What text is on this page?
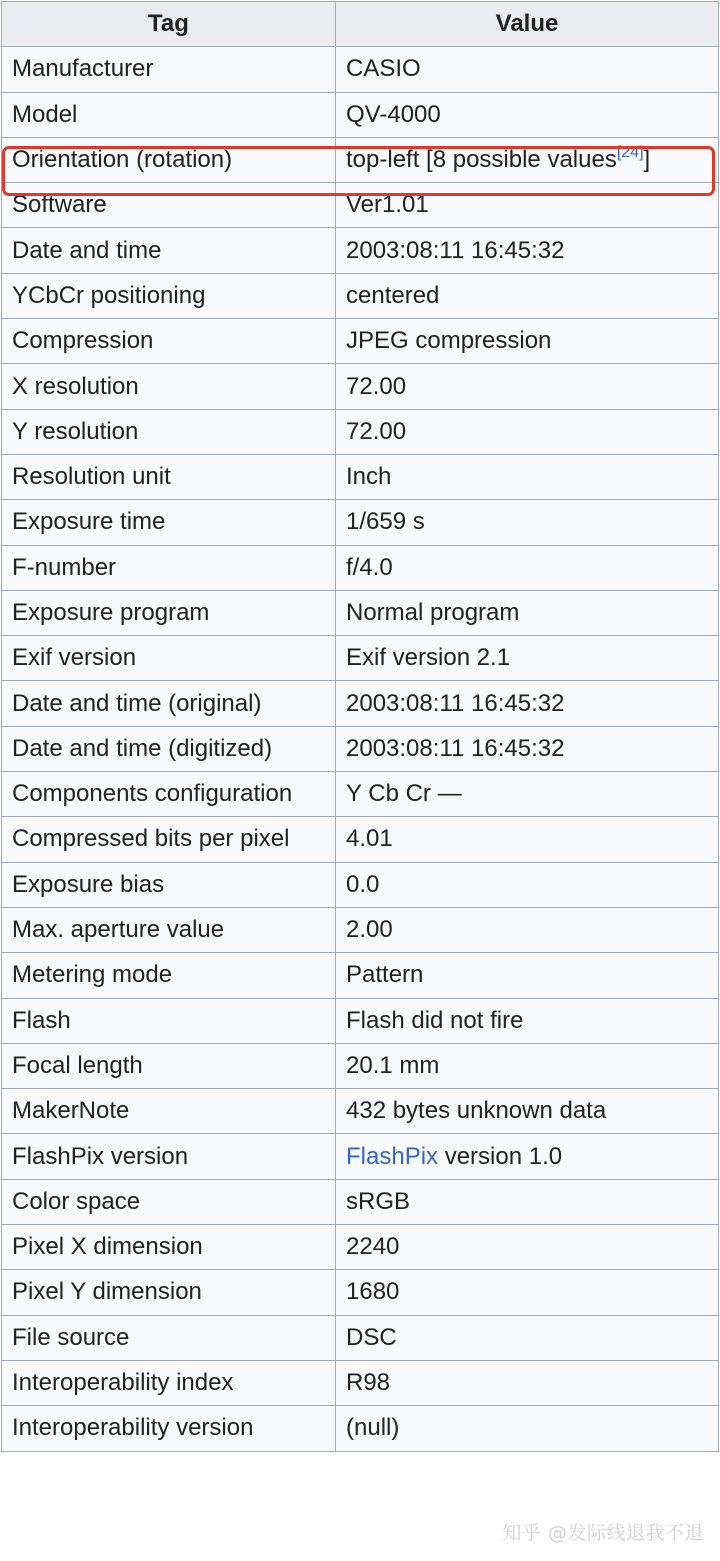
Tag	Value
Manufacturer	CASIO
Model	QV-4000
Orientation (rotation)	top-left [8 possible values[24]]
Software	Ver1.01
Date and time	2003:08:11 16:45:32
YCbCr positioning	centered
Compression	JPEG compression
X resolution	72.00
Y resolution	72.00
Resolution unit	Inch
Exposure time	1/659 s
F-number	f/4.0
Exposure program	Normal program
Exif version	Exif version 2.1
Date and time (original)	2003:08:11 16:45:32
Date and time (digitized)	2003:08:11 16:45:32
Components configuration	Y Cb Cr —
Compressed bits per pixel	4.01
Exposure bias	0.0
Max. aperture value	2.00
Metering mode	Pattern
Flash	Flash did not fire
Focal length	20.1 mm
MakerNote	432 bytes unknown data
FlashPix version	FlashPix version 1.0
Color space	sRGB
Pixel X dimension	2240
Pixel Y dimension	1680
File source	DSC
Interoperability index	R98
Interoperability version	(null)
知乎 @发际线退我不退
